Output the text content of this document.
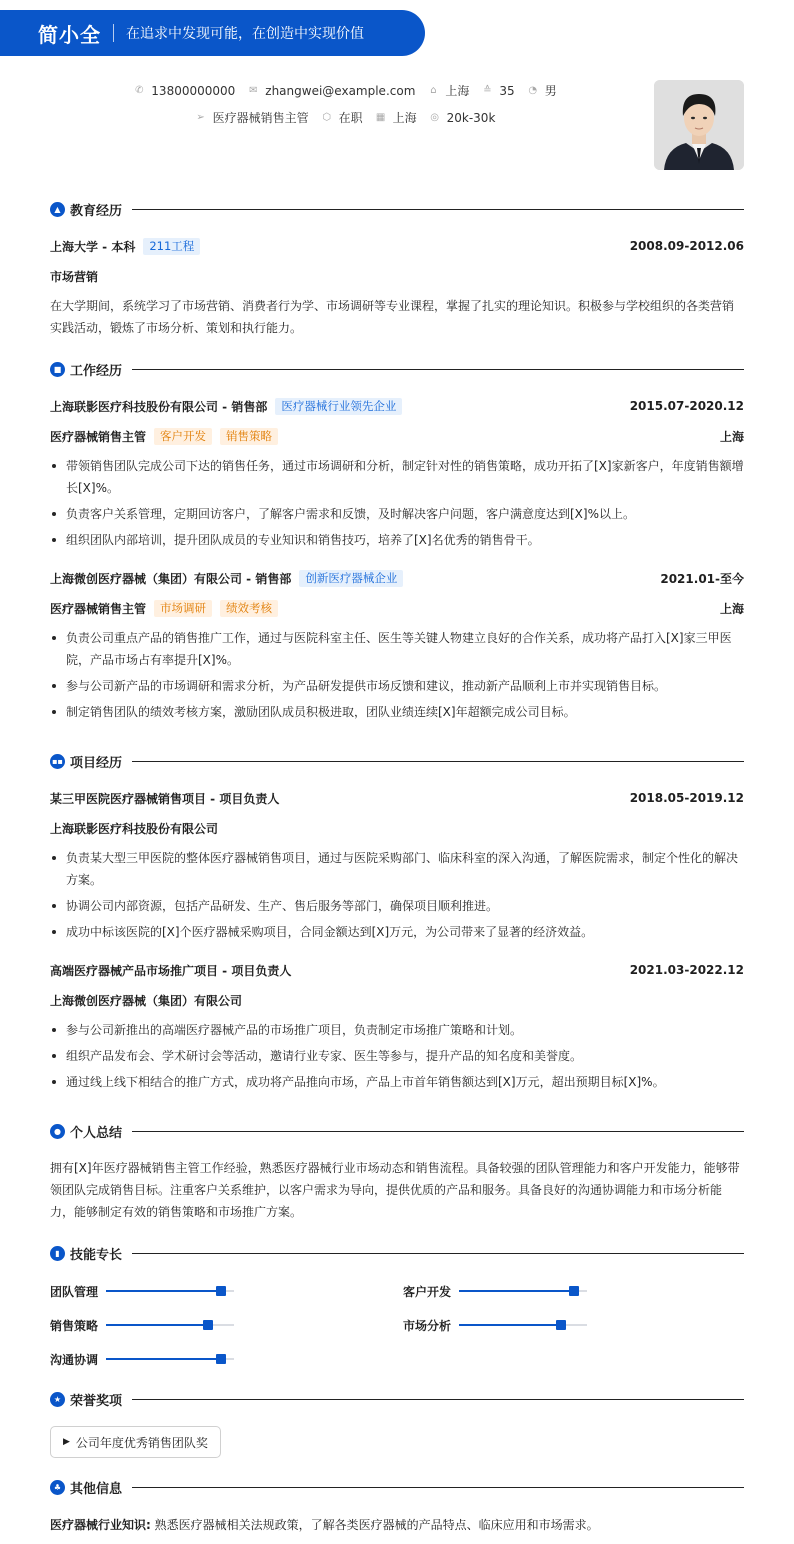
简小全 在追求中发现可能，在创造中实现价值
✆ 13800000000 ✉ zhangwei@example.com ⌂ 上海 ≙ 35 ◔ 男
➢ 医疗器械销售主管 ⬡ 在职 ▦ 上海 ◎ 20k-30k
▲ 教育经历
上海大学 - 本科	211工程	2008.09-2012.06
市场营销
在大学期间，系统学习了市场营销、消费者行为学、市场调研等专业课程，掌握了扎实的理论知识。积极参与学校组织的各类营销实践活动，锻炼了市场分析、策划和执行能力。
■ 工作经历
上海联影医疗科技股份有限公司 - 销售部	医疗器械行业领先企业	2015.07-2020.12
医疗器械销售主管	客户开发	销售策略	上海
带领销售团队完成公司下达的销售任务，通过市场调研和分析，制定针对性的销售策略，成功开拓了[X]家新客户，年度销售额增长[X]%。
负责客户关系管理，定期回访客户，了解客户需求和反馈，及时解决客户问题，客户满意度达到[X]%以上。
组织团队内部培训，提升团队成员的专业知识和销售技巧，培养了[X]名优秀的销售骨干。
上海微创医疗器械（集团）有限公司 - 销售部	创新医疗器械企业	2021.01-至今
医疗器械销售主管	市场调研	绩效考核	上海
负责公司重点产品的销售推广工作，通过与医院科室主任、医生等关键人物建立良好的合作关系，成功将产品打入[X]家三甲医院，产品市场占有率提升[X]%。
参与公司新产品的市场调研和需求分析，为产品研发提供市场反馈和建议，推动新产品顺利上市并实现销售目标。
制定销售团队的绩效考核方案，激励团队成员积极进取，团队业绩连续[X]年超额完成公司目标。
▪▪ 项目经历
某三甲医院医疗器械销售项目 - 项目负责人	2018.05-2019.12
上海联影医疗科技股份有限公司
负责某大型三甲医院的整体医疗器械销售项目，通过与医院采购部门、临床科室的深入沟通，了解医院需求，制定个性化的解决方案。
协调公司内部资源，包括产品研发、生产、售后服务等部门，确保项目顺利推进。
成功中标该医院的[X]个医疗器械采购项目，合同金额达到[X]万元，为公司带来了显著的经济效益。
高端医疗器械产品市场推广项目 - 项目负责人	2021.03-2022.12
上海微创医疗器械（集团）有限公司
参与公司新推出的高端医疗器械产品的市场推广项目，负责制定市场推广策略和计划。
组织产品发布会、学术研讨会等活动，邀请行业专家、医生等参与，提升产品的知名度和美誉度。
通过线上线下相结合的推广方式，成功将产品推向市场，产品上市首年销售额达到[X]万元，超出预期目标[X]%。
● 个人总结
拥有[X]年医疗器械销售主管工作经验，熟悉医疗器械行业市场动态和销售流程。具备较强的团队管理能力和客户开发能力，能够带领团队完成销售目标。注重客户关系维护，以客户需求为导向，提供优质的产品和服务。具备良好的沟通协调能力和市场分析能力，能够制定有效的销售策略和市场推广方案。
▮ 技能专长
团队管理	客户开发
销售策略	市场分析
沟通协调
★ 荣誉奖项
▶ 公司年度优秀销售团队奖
♣ 其他信息
医疗器械行业知识: 熟悉医疗器械相关法规政策，了解各类医疗器械的产品特点、临床应用和市场需求。
